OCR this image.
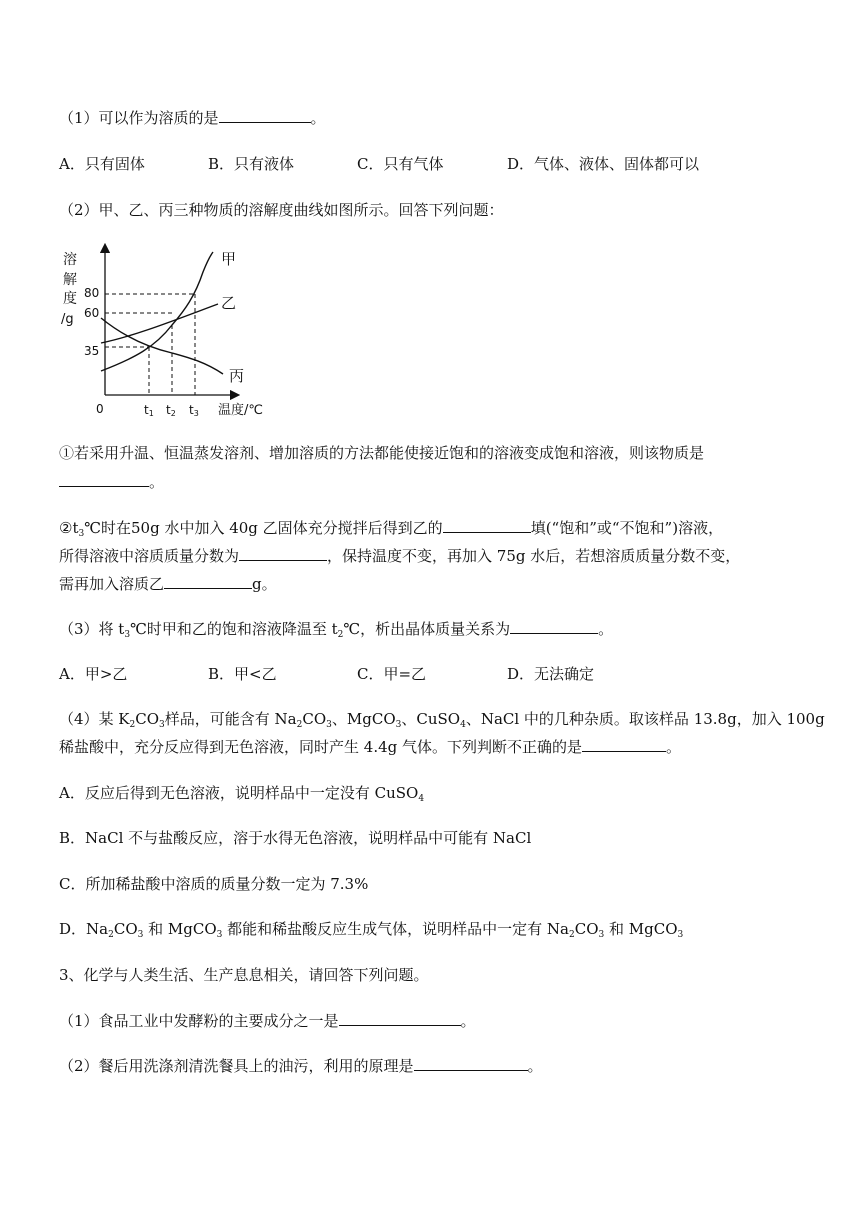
（1）可以作为溶质的是	。
A．只有固体	B．只有液体	C．只有气体	D．气体、液体、固体都可以
（2）甲、乙、丙三种物质的溶解度曲线如图所示。回答下列问题：
溶
解
度
/g
80
60
35
甲
乙
丙
0	t1 t2 t3 温度/℃
①若采用升温、恒温蒸发溶剂、增加溶质的方法都能使接近饱和的溶液变成饱和溶液，则该物质是
。
$②t_3℃$时在50g 水中加入 40g 乙固体充分搅拌后得到乙的	填(“饱和”或“不饱和”)溶液，
所得溶液中溶质质量分数为	，保持温度不变，再加入 75g 水后，若想溶质质量分数不变，
需再加入溶质乙	g。
（3）将 $t_3℃$时甲和乙的饱和溶液降温至 $t_2℃$，析出晶体质量关系为	。
A．甲>乙	B．甲<乙	C．甲=乙	D．无法确定
（4）某 $K_2CO_3$样品，可能含有 $Na_2CO_3$、MgCO$_3$、CuSO$_4$、NaCl 中的几种杂质。取该样品 13.8g，加入 100g
稀盐酸中，充分反应得到无色溶液，同时产生 4.4g 气体。下列判断不正确的是	。
A．反应后得到无色溶液，说明样品中一定没有 CuSO$_4$
B．NaCl 不与盐酸反应，溶于水得无色溶液，说明样品中可能有 NaCl
C．所加稀盐酸中溶质的质量分数一定为 7.3%
D．$Na_2CO_3$ 和 MgCO$_3$ 都能和稀盐酸反应生成气体，说明样品中一定有 $Na_2CO_3$ 和 MgCO$_3$
3、化学与人类生活、生产息息相关，请回答下列问题。
（1）食品工业中发酵粉的主要成分之一是	。
（2）餐后用洗涤剂清洗餐具上的油污，利用的原理是	。
